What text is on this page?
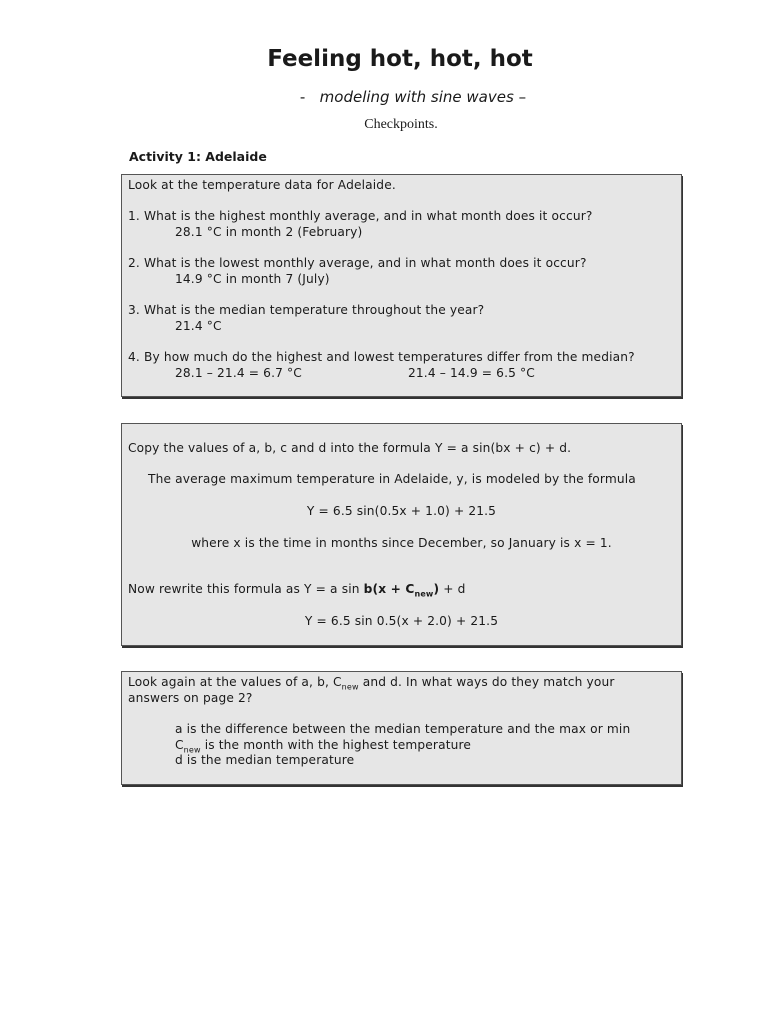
Feeling hot, hot, hot
- modeling with sine waves –
Checkpoints.
Activity 1: Adelaide
Look at the temperature data for Adelaide.
1. What is the highest monthly average, and in what month does it occur?
28.1 °C in month 2 (February)
2. What is the lowest monthly average, and in what month does it occur?
14.9 °C in month 7 (July)
3. What is the median temperature throughout the year?
21.4 °C
4. By how much do the highest and lowest temperatures differ from the median?
28.1 – 21.4 = 6.7 °C	21.4 – 14.9 = 6.5 °C
Copy the values of a, b, c and d into the formula Y = a sin(bx + c) + d.
The average maximum temperature in Adelaide, y, is modeled by the formula
Y = 6.5 sin(0.5x + 1.0) + 21.5
where x is the time in months since December, so January is x = 1.
Now rewrite this formula as Y = a $\sin b(x + C_{new}) + d$
Y = 6.5 sin 0.5(x + 2.0) + 21.5
Look again at the values of a, b, $C_{new}$ and d. In what ways do they match your
answers on page 2?
a is the difference between the median temperature and the max or min
$C_{new}$ is the month with the highest temperature
d is the median temperature
